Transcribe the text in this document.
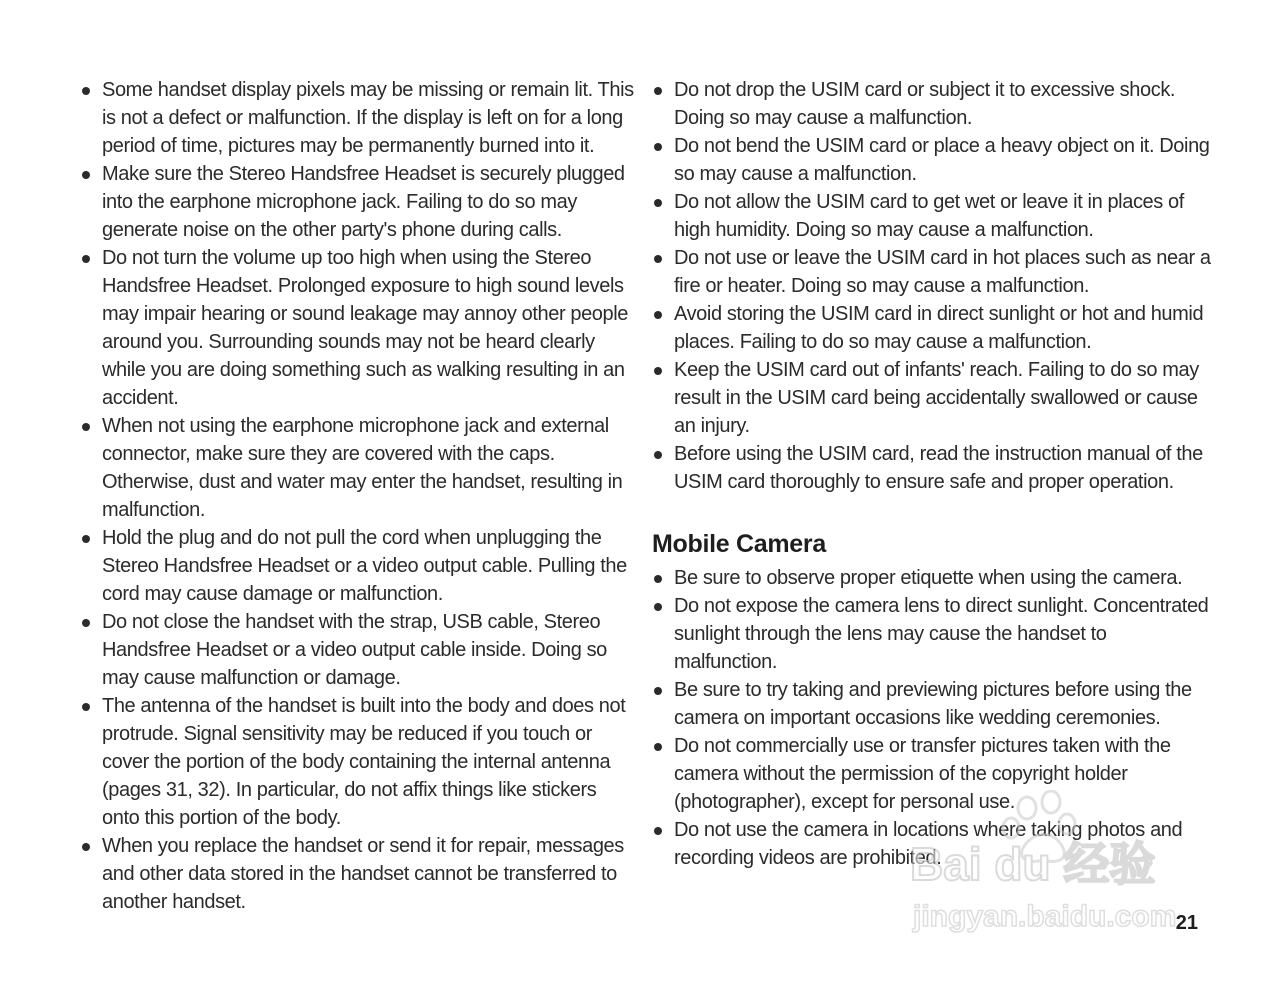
Some handset display pixels may be missing or remain lit. This is not a defect or malfunction. If the display is left on for a long period of time, pictures may be permanently burned into it.
Make sure the Stereo Handsfree Headset is securely plugged into the earphone microphone jack. Failing to do so may generate noise on the other party's phone during calls.
Do not turn the volume up too high when using the Stereo Handsfree Headset. Prolonged exposure to high sound levels may impair hearing or sound leakage may annoy other people around you. Surrounding sounds may not be heard clearly while you are doing something such as walking resulting in an accident.
When not using the earphone microphone jack and external connector, make sure they are covered with the caps. Otherwise, dust and water may enter the handset, resulting in malfunction.
Hold the plug and do not pull the cord when unplugging the Stereo Handsfree Headset or a video output cable. Pulling the cord may cause damage or malfunction.
Do not close the handset with the strap, USB cable, Stereo Handsfree Headset or a video output cable inside. Doing so may cause malfunction or damage.
The antenna of the handset is built into the body and does not protrude. Signal sensitivity may be reduced if you touch or cover the portion of the body containing the internal antenna (pages 31, 32). In particular, do not affix things like stickers onto this portion of the body.
When you replace the handset or send it for repair, messages and other data stored in the handset cannot be transferred to another handset.
Do not drop the USIM card or subject it to excessive shock. Doing so may cause a malfunction.
Do not bend the USIM card or place a heavy object on it. Doing so may cause a malfunction.
Do not allow the USIM card to get wet or leave it in places of high humidity. Doing so may cause a malfunction.
Do not use or leave the USIM card in hot places such as near a fire or heater. Doing so may cause a malfunction.
Avoid storing the USIM card in direct sunlight or hot and humid places. Failing to do so may cause a malfunction.
Keep the USIM card out of infants' reach. Failing to do so may result in the USIM card being accidentally swallowed or cause an injury.
Before using the USIM card, read the instruction manual of the USIM card thoroughly to ensure safe and proper operation.
Mobile Camera
Be sure to observe proper etiquette when using the camera.
Do not expose the camera lens to direct sunlight. Concentrated sunlight through the lens may cause the handset to malfunction.
Be sure to try taking and previewing pictures before using the camera on important occasions like wedding ceremonies.
Do not commercially use or transfer pictures taken with the camera without the permission of the copyright holder (photographer), except for personal use.
Do not use the camera in locations where taking photos and recording videos are prohibited.
Bai du 经验
jingyan.baidu.com 21
